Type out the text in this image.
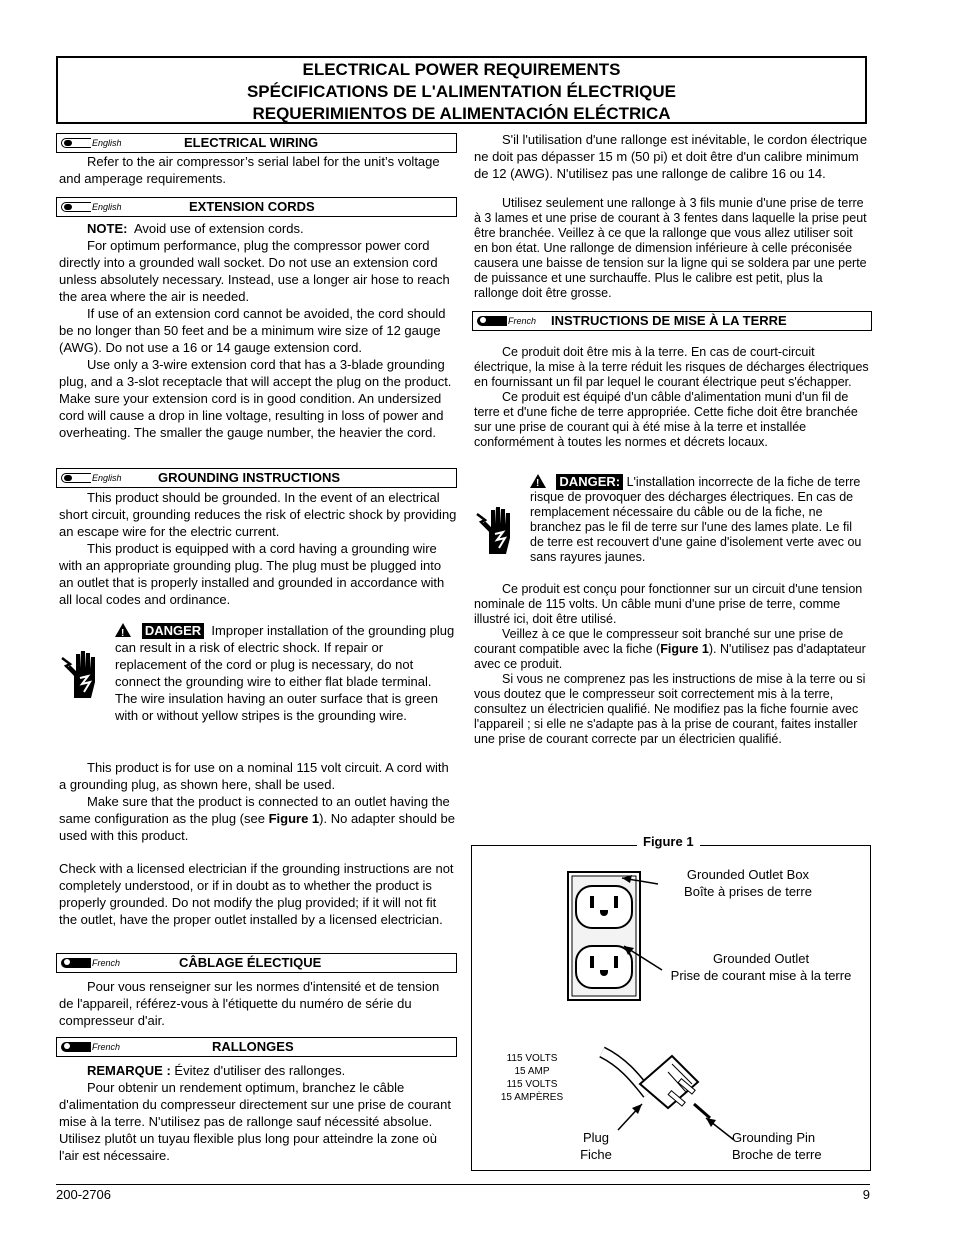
ELECTRICAL POWER REQUIREMENTS
SPÉCIFICATIONS DE L'ALIMENTATION ÉLECTRIQUE
REQUERIMIENTOS DE ALIMENTACIÓN ELÉCTRICA
English	ELECTRICAL WIRING

Refer to the air compressor’s serial label for the unit’s voltage and amperage requirements.

English	EXTENSION CORDS

NOTE: Avoid use of extension cords.

For optimum performance, plug the compressor power cord directly into a grounded wall socket. Do not use an extension cord unless absolutely necessary. Instead, use a longer air hose to reach the area where the air is needed.

If use of an extension cord cannot be avoided, the cord should be no longer than 50 feet and be a minimum wire size of 12 gauge (AWG). Do not use a 16 or 14 gauge extension cord.

Use only a 3-wire extension cord that has a 3-blade grounding plug, and a 3-slot receptacle that will accept the plug on the product. Make sure your extension cord is in good condition. An undersized cord will cause a drop in line voltage, resulting in loss of power and overheating. The smaller the gauge number, the heavier the cord.

English	GROUNDING INSTRUCTIONS

This product should be grounded. In the event of an electrical short circuit, grounding reduces the risk of electric shock by providing an escape wire for the electric current.

This product is equipped with a cord having a grounding wire with an appropriate grounding plug. The plug must be plugged into an outlet that is properly installed and grounded in accordance with all local codes and ordinance.

!   DANGER Improper installation of the grounding plug can result in a risk of electric shock. If repair or replacement of the cord or plug is necessary, do not connect the grounding wire to either flat blade terminal. The wire insulation having an outer surface that is green with or without yellow stripes is the grounding wire.

This product is for use on a nominal 115 volt circuit. A cord with a grounding plug, as shown here, shall be used.

Make sure that the product is connected to an outlet having the same configuration as the plug (see Figure 1). No adapter should be used with this product.

Check with a licensed electrician if the grounding instructions are not completely understood, or if in doubt as to whether the product is properly grounded. Do not modify the plug provided; if it will not fit the outlet, have the proper outlet installed by a licensed electrician.

French	CÂBLAGE ÉLECTIQUE

Pour vous renseigner sur les normes d'intensité et de tension de l'appareil, référez-vous à l'étiquette du numéro de série du compresseur d'air.

French	RALLONGES

REMARQUE : Évitez d'utiliser des rallonges.

Pour obtenir un rendement optimum, branchez le câble d'alimentation du compresseur directement sur une prise de courant mise à la terre. N'utilisez pas de rallonge sauf nécessité absolue. Utilisez plutôt un tuyau flexible plus long pour atteindre la zone où l'air est nécessaire.

S'il l'utilisation d'une rallonge est inévitable, le cordon électrique ne doit pas dépasser 15 m (50 pi) et doit être d'un calibre minimum de 12 (AWG). N'utilisez pas une rallonge de calibre 16 ou 14.

Utilisez seulement une rallonge à 3 fils munie d'une prise de terre à 3 lames et une prise de courant à 3 fentes dans laquelle la prise peut être branchée. Veillez à ce que la rallonge que vous allez utiliser soit en bon état. Une rallonge de dimension inférieure à celle préconisée causera une baisse de tension sur la ligne qui se soldera par une perte de puissance et une surchauffe. Plus le calibre est petit, plus la rallonge doit être grosse.

French INSTRUCTIONS DE MISE À LA TERRE

Ce produit doit être mis à la terre. En cas de court-circuit électrique, la mise à la terre réduit les risques de décharges électriques en fournissant un fil par lequel le courant électrique peut s'échapper.

Ce produit est équipé d'un câble d'alimentation muni d'un fil de terre et d'une fiche de terre appropriée. Cette fiche doit être branchée sur une prise de courant qui à été mise à la terre et installée conformément à toutes les normes et décrets locaux.

!   DANGER: L'installation incorrecte de la fiche de terre risque de provoquer des décharges électriques. En cas de remplacement nécessaire du câble ou de la fiche, ne branchez pas le fil de terre sur l'une des lames plate. Le fil de terre est recouvert d'une gaine d'isolement verte avec ou sans rayures jaunes.

Ce produit est conçu pour fonctionner sur un circuit d'une tension nominale de 115 volts. Un câble muni d'une prise de terre, comme illustré ici, doit être utilisé.

Veillez à ce que le compresseur soit branché sur une prise de courant compatible avec la fiche (Figure 1). N'utilisez pas d'adaptateur avec ce produit.

Si vous ne comprenez pas les instructions de mise à la terre ou si vous doutez que le compresseur soit correctement mis à la terre, consultez un électricien qualifié. Ne modifiez pas la fiche fournie avec l'appareil ; si elle ne s'adapte pas à la prise de courant, faites installer une prise de courant correcte par un électricien qualifié.

Figure 1
Grounded Outlet Box
Boîte à prises de terre
Grounded Outlet
Prise de courant mise à la terre
115 VOLTS
15 AMP
115 VOLTS
15 AMPÈRES
Plug
Fiche
Grounding Pin
Broche de terre
200-2706	9
